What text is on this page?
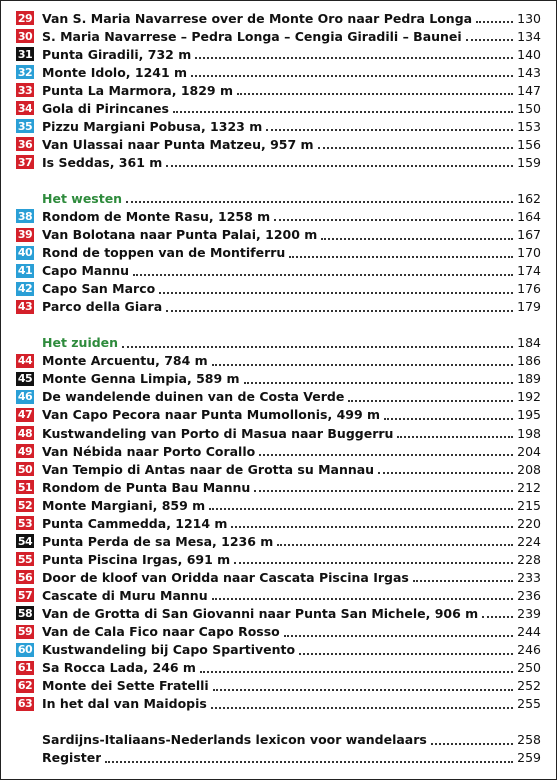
29 Van S. Maria Navarrese over de Monte Oro naar Pedra Longa	130
30 S. Maria Navarrese – Pedra Longa – Cengia Giradili – Baunei	134
31 Punta Giradili, 732 m	140
32 Monte Idolo, 1241 m	143
33 Punta La Marmora, 1829 m	147
34 Gola di Pirincanes	150
35 Pizzu Margiani Pobusa, 1323 m	153
36 Van Ulassai naar Punta Matzeu, 957 m	156
37 Is Seddas, 361 m	159
Het westen	162
38 Rondom de Monte Rasu, 1258 m	164
39 Van Bolotana naar Punta Palai, 1200 m	167
40 Rond de toppen van de Montiferru	170
41 Capo Mannu	174
42 Capo San Marco	176
43 Parco della Giara	179
Het zuiden	184
44 Monte Arcuentu, 784 m	186
45 Monte Genna Limpia, 589 m	189
46 De wandelende duinen van de Costa Verde	192
47 Van Capo Pecora naar Punta Mumollonis, 499 m	195
48 Kustwandeling van Porto di Masua naar Buggerru	198
49 Van Nébida naar Porto Corallo	204
50 Van Tempio di Antas naar de Grotta su Mannau	208
51 Rondom de Punta Bau Mannu	212
52 Monte Margiani, 859 m	215
53 Punta Cammedda, 1214 m	220
54 Punta Perda de sa Mesa, 1236 m	224
55 Punta Piscina Irgas, 691 m	228
56 Door de kloof van Oridda naar Cascata Piscina Irgas	233
57 Cascate di Muru Mannu	236
58 Van de Grotta di San Giovanni naar Punta San Michele, 906 m	239
59 Van de Cala Fico naar Capo Rosso	244
60 Kustwandeling bij Capo Spartivento	246
61 Sa Rocca Lada, 246 m	250
62 Monte dei Sette Fratelli	252
63 In het dal van Maidopis	255
Sardijns-Italiaans-Nederlands lexicon voor wandelaars	258
Register	259
